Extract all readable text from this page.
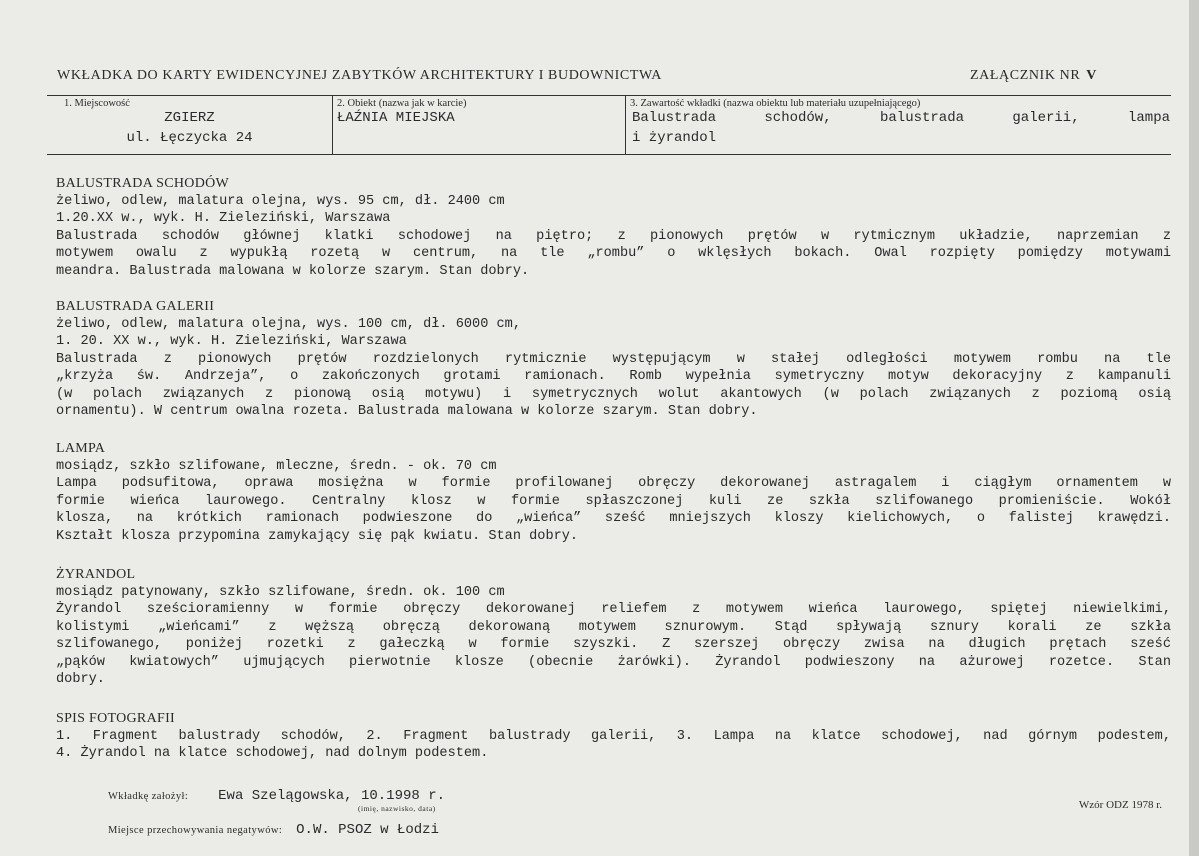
WKŁADKA DO KARTY EWIDENCYJNEJ ZABYTKÓW ARCHITEKTURY I BUDOWNICTWA	ZAŁĄCZNIK NR V
1. Miejscowość
ZGIERZ
ul. Łęczycka 24
2. Obiekt (nazwa jak w karcie)
ŁAŹNIA MIEJSKA
3. Zawartość wkładki (nazwa obiektu lub materiału uzupełniającego)
Balustrada schodów, balustrada galerii, lampa
i żyrandol
BALUSTRADA SCHODÓW
żeliwo, odlew, malatura olejna, wys. 95 cm, dł. 2400 cm
1.20.XX w., wyk. H. Zieleziński, Warszawa
Balustrada schodów głównej klatki schodowej na piętro; z pionowych prętów w rytmicznym układzie, naprzemian z
motywem owalu z wypukłą rozetą w centrum, na tle „rombu” o wklęsłych bokach. Owal rozpięty pomiędzy motywami
meandra. Balustrada malowana w kolorze szarym. Stan dobry.
BALUSTRADA GALERII
żeliwo, odlew, malatura olejna, wys. 100 cm, dł. 6000 cm,
1. 20. XX w., wyk. H. Zieleziński, Warszawa
Balustrada z pionowych prętów rozdzielonych rytmicznie występującym w stałej odległości motywem rombu na tle
„krzyża św. Andrzeja”, o zakończonych grotami ramionach. Romb wypełnia symetryczny motyw dekoracyjny z kampanuli
(w polach związanych z pionową osią motywu) i symetrycznych wolut akantowych (w polach związanych z poziomą osią
ornamentu). W centrum owalna rozeta. Balustrada malowana w kolorze szarym. Stan dobry.
LAMPA
mosiądz, szkło szlifowane, mleczne, średn. - ok. 70 cm
Lampa podsufitowa, oprawa mosiężna w formie profilowanej obręczy dekorowanej astragalem i ciągłym ornamentem w
formie wieńca laurowego. Centralny klosz w formie spłaszczonej kuli ze szkła szlifowanego promieniście. Wokół
klosza, na krótkich ramionach podwieszone do „wieńca” sześć mniejszych kloszy kielichowych, o falistej krawędzi.
Kształt klosza przypomina zamykający się pąk kwiatu. Stan dobry.
ŻYRANDOL
mosiądz patynowany, szkło szlifowane, średn. ok. 100 cm
Żyrandol sześcioramienny w formie obręczy dekorowanej reliefem z motywem wieńca laurowego, spiętej niewielkimi,
kolistymi „wieńcami” z węższą obręczą dekorowaną motywem sznurowym. Stąd spływają sznury korali ze szkła
szlifowanego, poniżej rozetki z gałeczką w formie szyszki. Z szerszej obręczy zwisa na długich prętach sześć
„pąków kwiatowych” ujmujących pierwotnie klosze (obecnie żarówki). Żyrandol podwieszony na ażurowej rozetce. Stan
dobry.
SPIS FOTOGRAFII
1. Fragment balustrady schodów, 2. Fragment balustrady galerii, 3. Lampa na klatce schodowej, nad górnym podestem,
4. Żyrandol na klatce schodowej, nad dolnym podestem.
Wkładkę założył: Ewa Szelągowska, 10.1998 r.
(imię, nazwisko, data)	Wzór ODZ 1978 r.
Miejsce przechowywania negatywów: O.W. PSOZ w Łodzi
